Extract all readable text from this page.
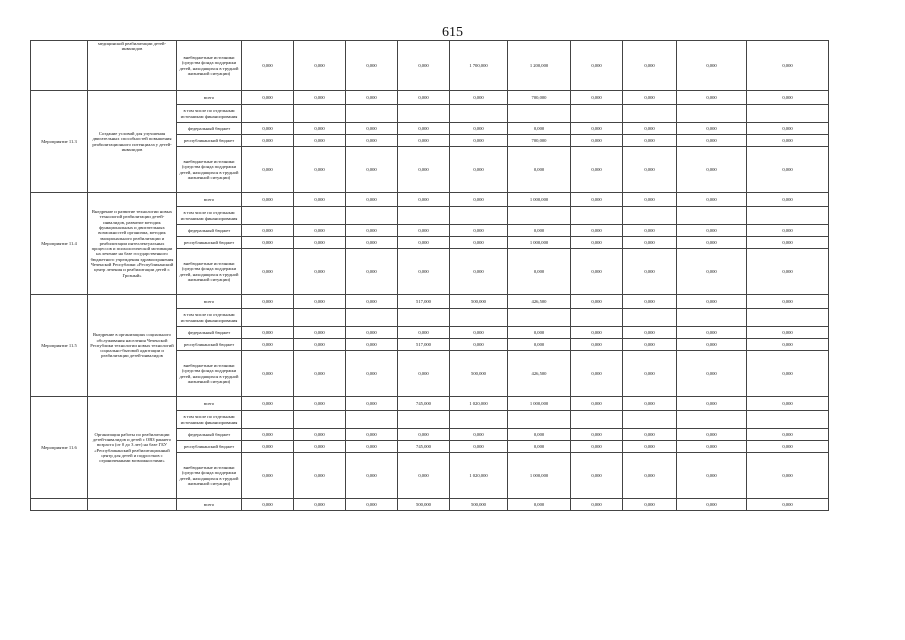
615
	медицинской реабилитации детей-инвалидов	внебюджетные источники (средства фонда поддержки детей, находящихся в трудной жизненной ситуации)	0,000	0,000	0,000	0,000	1 700,000	1 200,000	0,000	0,000	0,000	0,000	
Мероприятие 11.3	Создание условий для улучшения двигательных способностей повышения реабилитационного потенциала у детей-инвалидов	всего	0,000	0,000	0,000	0,000	0,000	700,000	0,000	0,000	0,000	0,000	
		в том числе по отдельным источникам финансирования											
		федеральный бюджет	0,000	0,000	0,000	0,000	0,000	0,000	0,000	0,000	0,000	0,000	
		республиканский бюджет	0,000	0,000	0,000	0,000	0,000	700,000	0,000	0,000	0,000	0,000	
		внебюджетные источники (средства фонда поддержки детей, находящихся в трудной жизненной ситуации)	0,000	0,000	0,000	0,000	0,000	0,000	0,000	0,000	0,000	0,000	
Мероприятие 11.4	Внедрение и развитие технологии новых технологий реабилитации детей-инвалидов, развитие методик функциональных и двигательных возможностей организма, методик эмоционального реабилитации и реабилитации интеллектуальных процессов и психологической мотивации на лечение на базе государственного бюджетного учреждения здравоохранения Чеченской Республики «Республиканский центр лечения и реабилитации детей г. Грозный»	всего	0,000	0,000	0,000	0,000	0,000	1 000,000	0,000	0,000	0,000	0,000	
		в том числе по отдельным источникам финансирования											
		федеральный бюджет	0,000	0,000	0,000	0,000	0,000	0,000	0,000	0,000	0,000	0,000	
		республиканский бюджет	0,000	0,000	0,000	0,000	0,000	1 000,000	0,000	0,000	0,000	0,000	
		внебюджетные источники (средства фонда поддержки детей, находящихся в трудной жизненной ситуации)	0,000	0,000	0,000	0,000	0,000	0,000	0,000	0,000	0,000	0,000	
Мероприятие 11.5	Внедрение в организациях социального обслуживания населения Чеченской Республики технологии новых технологий социально-бытовой адаптации и реабилитации детей-инвалидов	всего	0,000	0,000	0,000	517,000	500,000	426,500	0,000	0,000	0,000	0,000	
		в том числе по отдельным источникам финансирования											
		федеральный бюджет	0,000	0,000	0,000	0,000	0,000	0,000	0,000	0,000	0,000	0,000	
		республиканский бюджет	0,000	0,000	0,000	517,000	0,000	0,000	0,000	0,000	0,000	0,000	
		внебюджетные источники (средства фонда поддержки детей, находящихся в трудной жизненной ситуации)	0,000	0,000	0,000	0,000	500,000	426,500	0,000	0,000	0,000	0,000	
Мероприятие 11.6	Организация работы по реабилитации детей-инвалидов и детей с ОВЗ раннего возраста (от 0 до 3 лет) на базе ГБУ «Республиканский реабилитационный центр для детей и подростков с ограниченными возможностями»	всего	0,000	0,000	0,000	745,000	1 020,000	1 000,000	0,000	0,000	0,000	0,000	
		в том числе по отдельным источникам финансирования											
		федеральный бюджет	0,000	0,000	0,000	0,000	0,000	0,000	0,000	0,000	0,000	0,000	
		республиканский бюджет	0,000	0,000	0,000	745,000	0,000	0,000	0,000	0,000	0,000	0,000	
		внебюджетные источники (средства фонда поддержки детей, находящихся в трудной жизненной ситуации)	0,000	0,000	0,000	0,000	1 020,000	1 000,000	0,000	0,000	0,000	0,000	
		всего	0,000	0,000	0,000	500,000	500,000	0,000	0,000	0,000	0,000	0,000	
